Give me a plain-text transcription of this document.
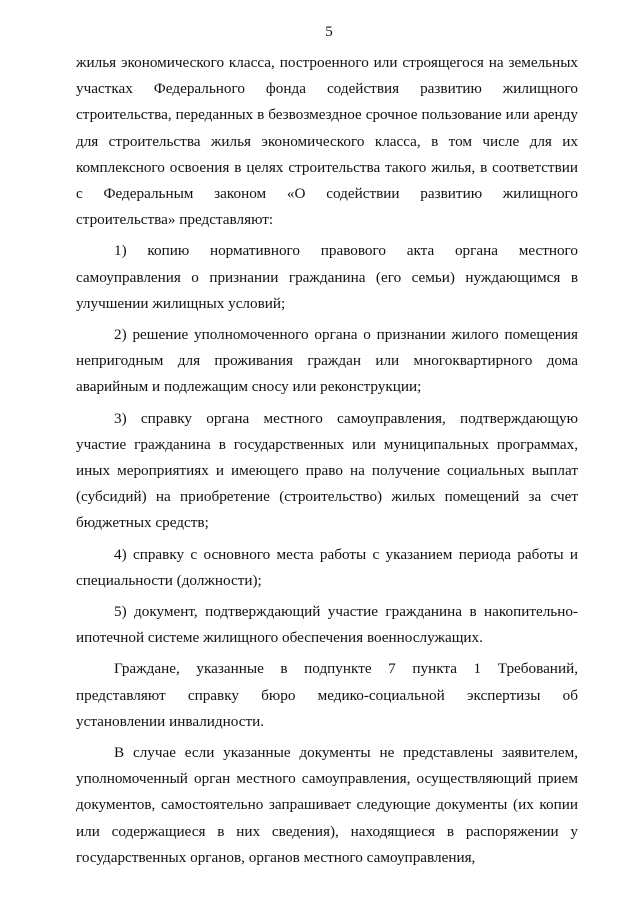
5

жилья экономического класса, построенного или строящегося на земельных участках Федерального фонда содействия развитию жилищного строительства, переданных в безвозмездное срочное пользование или аренду для строительства жилья экономического класса, в том числе для их комплексного освоения в целях строительства такого жилья, в соответствии с Федеральным законом «О содействии развитию жилищного строительства» представляют:

1) копию нормативного правового акта органа местного самоуправления о признании гражданина (его семьи) нуждающимся в улучшении жилищных условий;

2) решение уполномоченного органа о признании жилого помещения непригодным для проживания граждан или многоквартирного дома аварийным и подлежащим сносу или реконструкции;

3) справку органа местного самоуправления, подтверждающую участие гражданина в государственных или муниципальных программах, иных мероприятиях и имеющего право на получение социальных выплат (субсидий) на приобретение (строительство) жилых помещений за счет бюджетных средств;

4) справку с основного места работы с указанием периода работы и специальности (должности);

5) документ, подтверждающий участие гражданина в накопительно-ипотечной системе жилищного обеспечения военнослужащих.

Граждане, указанные в подпункте 7 пункта 1 Требований, представляют справку бюро медико-социальной экспертизы об установлении инвалидности.

В случае если указанные документы не представлены заявителем, уполномоченный орган местного самоуправления, осуществляющий прием документов, самостоятельно запрашивает следующие документы (их копии или содержащиеся в них сведения), находящиеся в распоряжении у государственных органов, органов местного самоуправления,
